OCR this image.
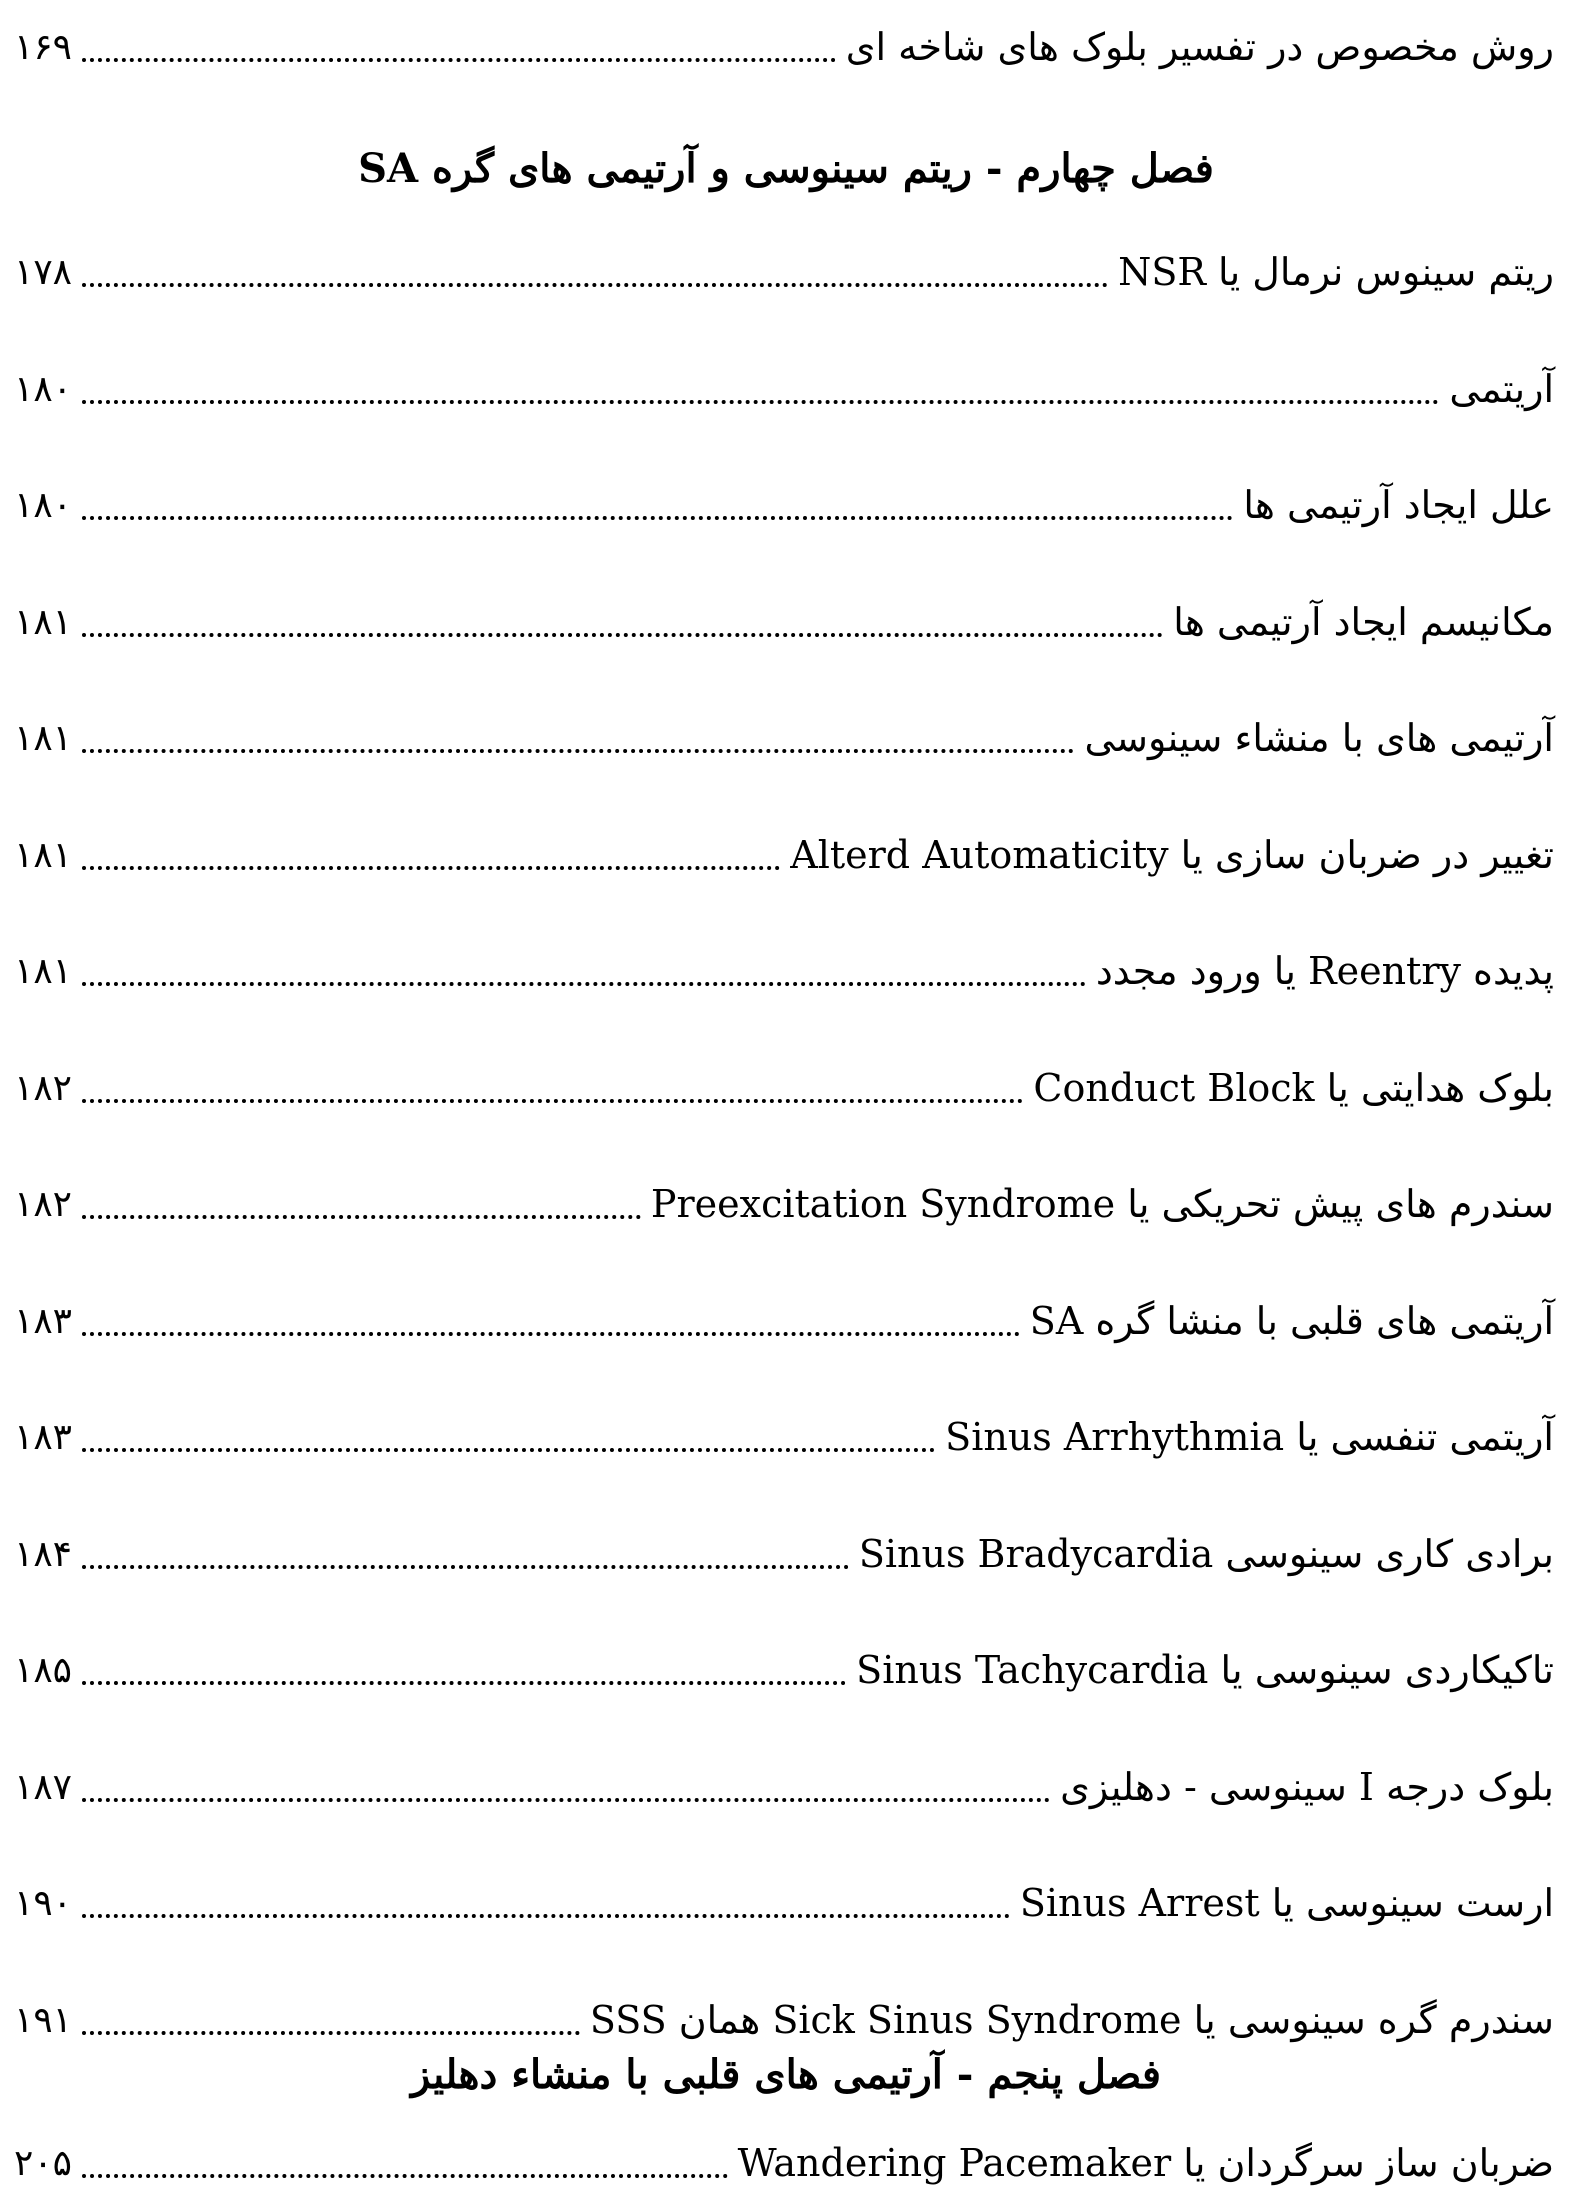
۱۶۹	روش مخصوص در تفسیر بلوک های شاخه ای
فصل چهارم - ریتم سینوسی و آرتیمی های گره SA
۱۷۸	ریتم سینوس نرمال یا NSR
۱۸۰	آریتمی
۱۸۰	علل ایجاد آرتیمی ها
۱۸۱	مکانیسم ایجاد آرتیمی ها
۱۸۱	آرتیمی های با منشاء سینوسی
۱۸۱	تغییر در ضربان سازی یا Alterd Automaticity
۱۸۱	پدیده Reentry یا ورود مجدد
۱۸۲	بلوک هدایتی یا Conduct Block
۱۸۲	سندرم های پیش تحریکی یا Preexcitation Syndrome
۱۸۳	آریتمی های قلبی با منشا گره SA
۱۸۳	آریتمی تنفسی یا Sinus Arrhythmia
۱۸۴	برادی کاری سینوسی Sinus Bradycardia
۱۸۵	تاکیکاردی سینوسی یا Sinus Tachycardia
۱۸۷	بلوک درجه I سینوسی - دهلیزی
۱۹۰	ارست سینوسی یا Sinus Arrest
۱۹۱	سندرم گره سینوسی یا Sick Sinus Syndrome همان SSS
فصل پنجم - آرتیمی های قلبی با منشاء دهلیز
۲۰۵	ضربان ساز سرگردان یا Wandering Pacemaker
